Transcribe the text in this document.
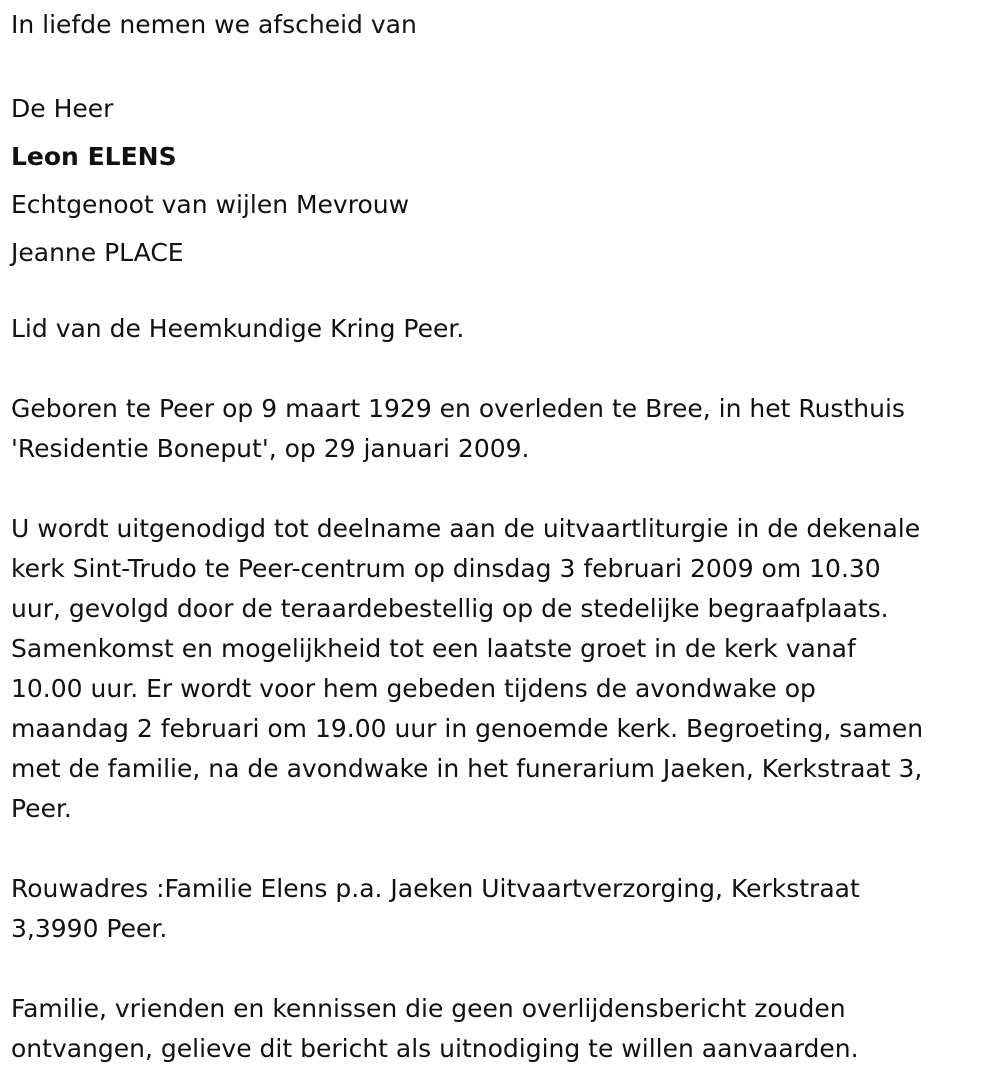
In liefde nemen we afscheid van

De Heer

Leon ELENS

Echtgenoot van wijlen Mevrouw

Jeanne PLACE

Lid van de Heemkundige Kring Peer.

Geboren te Peer op 9 maart 1929 en overleden te Bree, in het Rusthuis

'Residentie Boneput', op 29 januari 2009.

U wordt uitgenodigd tot deelname aan de uitvaartliturgie in de dekenale

kerk Sint-Trudo te Peer-centrum op dinsdag 3 februari 2009 om 10.30

uur, gevolgd door de teraardebestellig op de stedelijke begraafplaats.

Samenkomst en mogelijkheid tot een laatste groet in de kerk vanaf

10.00 uur. Er wordt voor hem gebeden tijdens de avondwake op

maandag 2 februari om 19.00 uur in genoemde kerk. Begroeting, samen

met de familie, na de avondwake in het funerarium Jaeken, Kerkstraat 3,

Peer.

Rouwadres :Familie Elens p.a. Jaeken Uitvaartverzorging, Kerkstraat

3,3990 Peer.

Familie, vrienden en kennissen die geen overlijdensbericht zouden

ontvangen, gelieve dit bericht als uitnodiging te willen aanvaarden.
